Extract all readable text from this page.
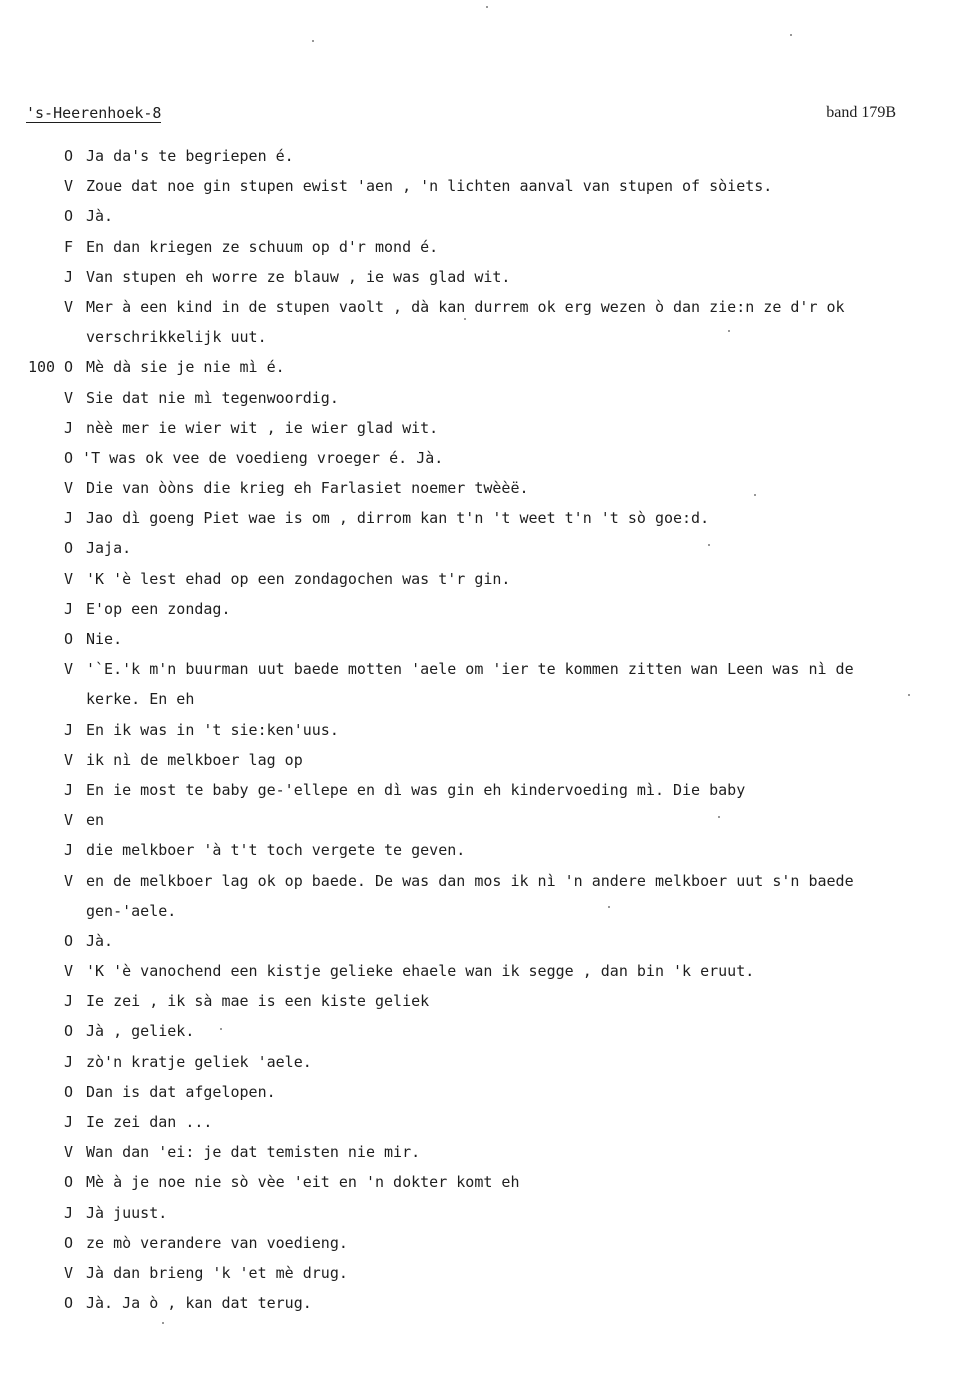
's-Heerenhoek-8	band 179B
O Ja da's te begriepen é.
V Zoue dat noe gin stupen ewist 'aen , 'n lichten aanval van stupen of sòiets.
O Jà.
F En dan kriegen ze schuum op d'r mond é.
J Van stupen eh worre ze blauw , ie was glad wit.
V Mer à een kind in de stupen vaolt , dà kan durrem ok erg wezen ò dan zie:n ze d'r ok
verschrikkelijk uut.
100 O Mè dà sie je nie mì é.
V Sie dat nie mì tegenwoordig.
J nèè mer ie wier wit , ie wier glad wit.
O 'T was ok vee de voedieng vroeger é. Jà.
V Die van òòns die krieg eh Farlasiet noemer twèèë.
J Jao dì goeng Piet wae is om , dirrom kan t'n 't weet t'n 't sò goe:d.
O Jaja.
V 'K 'è lest ehad op een zondagochen was t'r gin.
J E'op een zondag.
O Nie.
V '`E.'k m'n buurman uut baede motten 'aele om 'ier te kommen zitten wan Leen was nì de
kerke. En eh
J En ik was in 't sie:ken'uus.
V ik nì de melkboer lag op
J En ie most te baby ge-'ellepe en dì was gin eh kindervoeding mì. Die baby
V en
J die melkboer 'à t't toch vergete te geven.
V en de melkboer lag ok op baede. De was dan mos ik nì 'n andere melkboer uut s'n baede
gen-'aele.
O Jà.
V 'K 'è vanochend een kistje gelieke ehaele wan ik segge , dan bin 'k eruut.
J Ie zei , ik sà mae is een kiste geliek
O Jà , geliek.
J zò'n kratje geliek 'aele.
O Dan is dat afgelopen.
J Ie zei dan ...
V Wan dan 'ei: je dat temisten nie mir.
O Mè à je noe nie sò vèe 'eit en 'n dokter komt eh
J Jà juust.
O ze mò verandere van voedieng.
V Jà dan brieng 'k 'et mè drug.
O Jà. Ja ò , kan dat terug.
